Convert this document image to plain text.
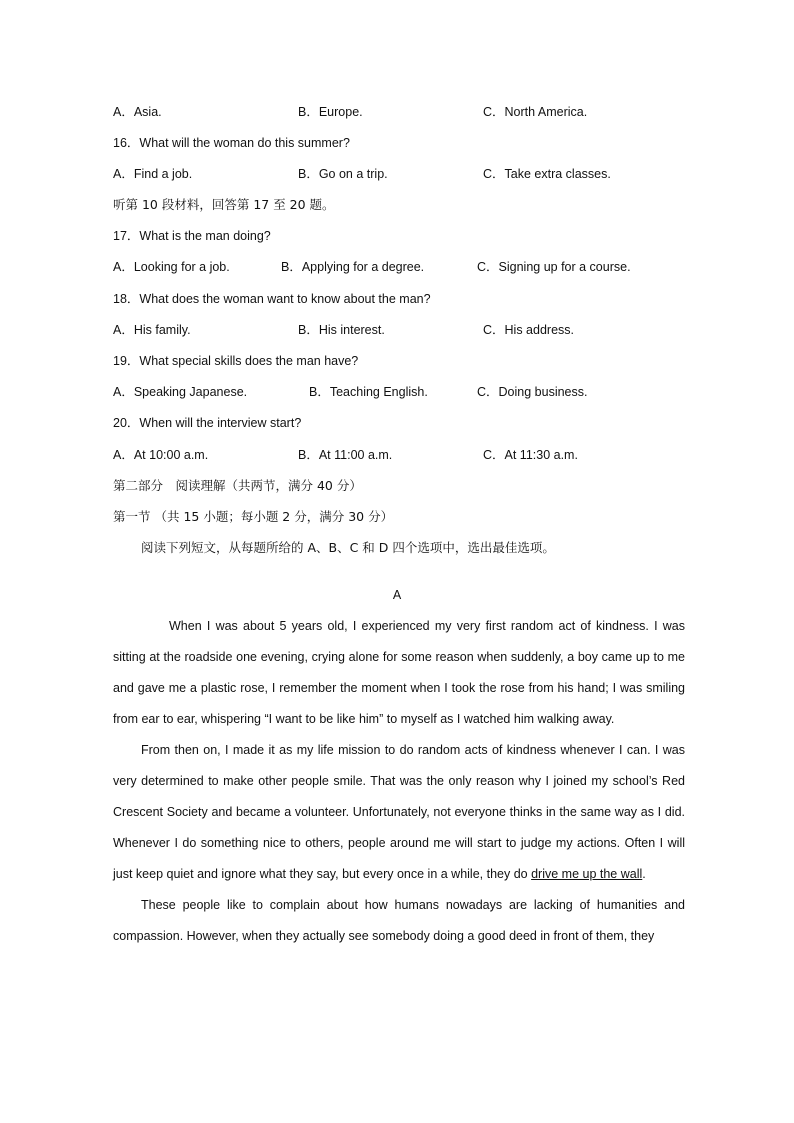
A．Asia.	B．Europe.	C．North America.
16．What will the woman do this summer?
A．Find a job.	B．Go on a trip.	C．Take extra classes.
听第 10 段材料，回答第 17 至 20 题。
17．What is the man doing?
A．Looking for a job.	B．Applying for a degree.	C．Signing up for a course.
18．What does the woman want to know about the man?
A．His family.	B．His interest.	C．His address.
19．What special skills does the man have?
A．Speaking Japanese.	B．Teaching English.	C．Doing business.
20．When will the interview start?
A．At 10:00 a.m.	B．At 11:00 a.m.	C．At 11:30 a.m.
第二部分　阅读理解（共两节，满分 40 分）
第一节 （共 15 小题；每小题 2 分，满分 30 分）
阅读下列短文，从每题所给的 A、B、C 和 D 四个选项中，选出最佳选项。
A

When I was about 5 years old, I experienced my very first random act of kindness. I was sitting at the roadside one evening, crying alone for some reason when suddenly, a boy came up to me and gave me a plastic rose, I remember the moment when I took the rose from his hand; I was smiling from ear to ear, whispering “I want to be like him” to myself as I watched him walking away.

From then on, I made it as my life mission to do random acts of kindness whenever I can. I was very determined to make other people smile. That was the only reason why I joined my school’s Red Crescent Society and became a volunteer. Unfortunately, not everyone thinks in the same way as I did. Whenever I do something nice to others, people around me will start to judge my actions. Often I will just keep quiet and ignore what they say, but every once in a while, they do drive me up the wall.

These people like to complain about how humans nowadays are lacking of humanities and compassion. However, when they actually see somebody doing a good deed in front of them, they
